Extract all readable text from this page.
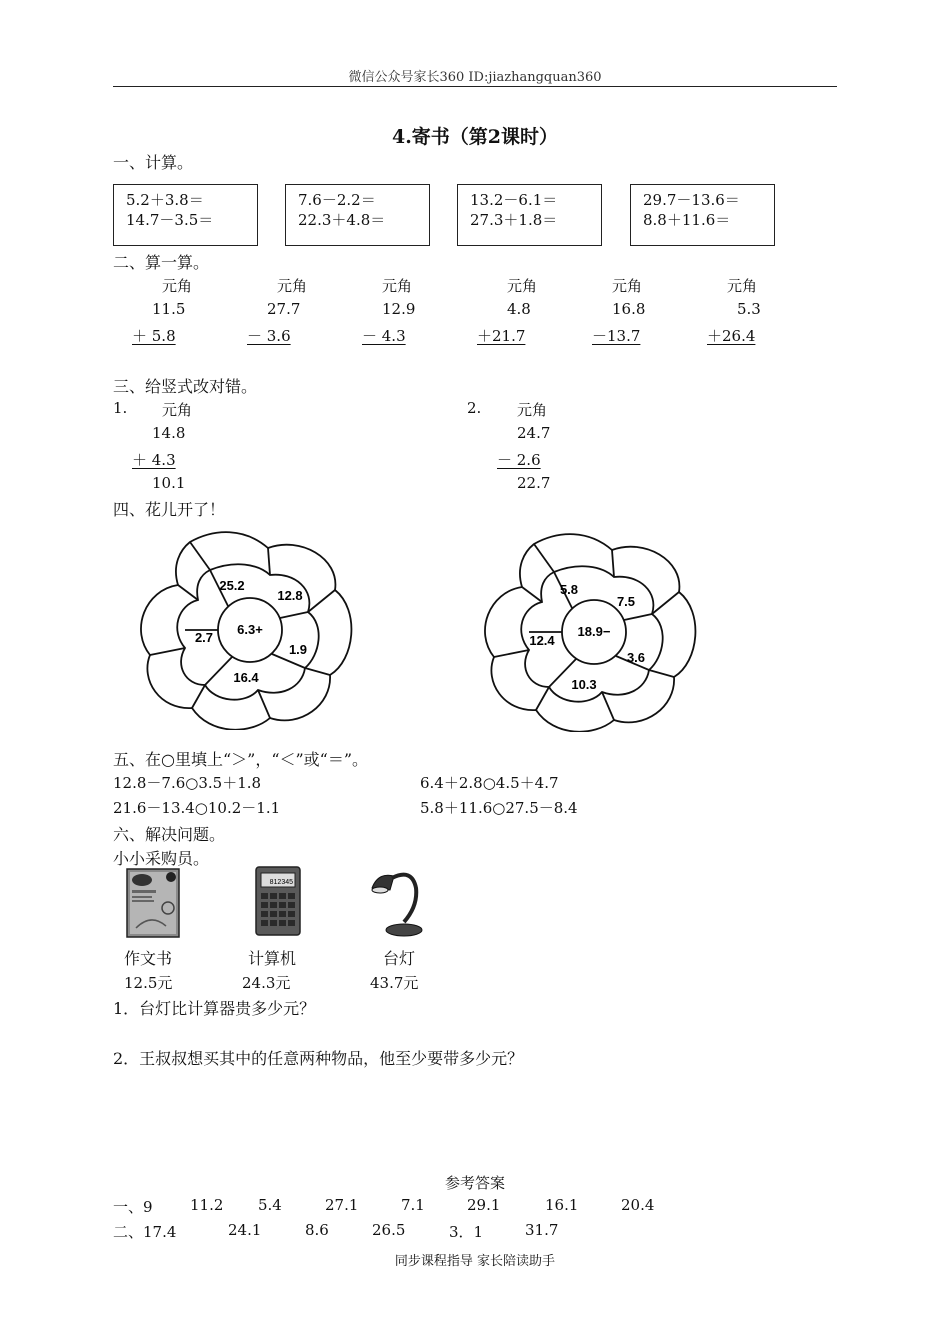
微信公众号家长360 ID:jiazhangquan360
4.寄书（第2课时）
一、计算。
5.2＋3.8＝
14.7－3.5＝
7.6－2.2＝
22.3＋4.8＝
13.2－6.1＝
27.3＋1.8＝
29.7－13.6＝
8.8＋11.6＝
二、算一算。
元角
11.5
＋ 5.8
元角
27.7
－ 3.6
元角
12.9
－ 4.3
元角
4.8
＋21.7
元角
16.8
－13.7
元角
5.3
＋26.4
三、给竖式改对错。
1. 元角
14.8
＋ 4.3
10.1
2. 元角
24.7
－ 2.6
22.7
四、花儿开了！
6.3+
25.2
12.8
1.9
16.4
2.7	18.9−
5.8
7.5
3.6
10.3
12.4
五、在○里填上“＞”，“＜”或“＝”。
12.8－7.6○3.5＋1.8	6.4＋2.8○4.5＋4.7
21.6－13.4○10.2－1.1	5.8＋11.6○27.5－8.4
六、解决问题。
小小采购员。
812345
作文书	计算机	台灯
12.5元	24.3元	43.7元
1．台灯比计算器贵多少元？
2．王叔叔想买其中的任意两种物品，他至少要带多少元？
参考答案
一、9 11.2 5.4	27.1	7.1	29.1	16.1	20.4
二、17.4	24.1	8.6	26.5	3．1	31.7
同步课程指导 家长陪读助手
